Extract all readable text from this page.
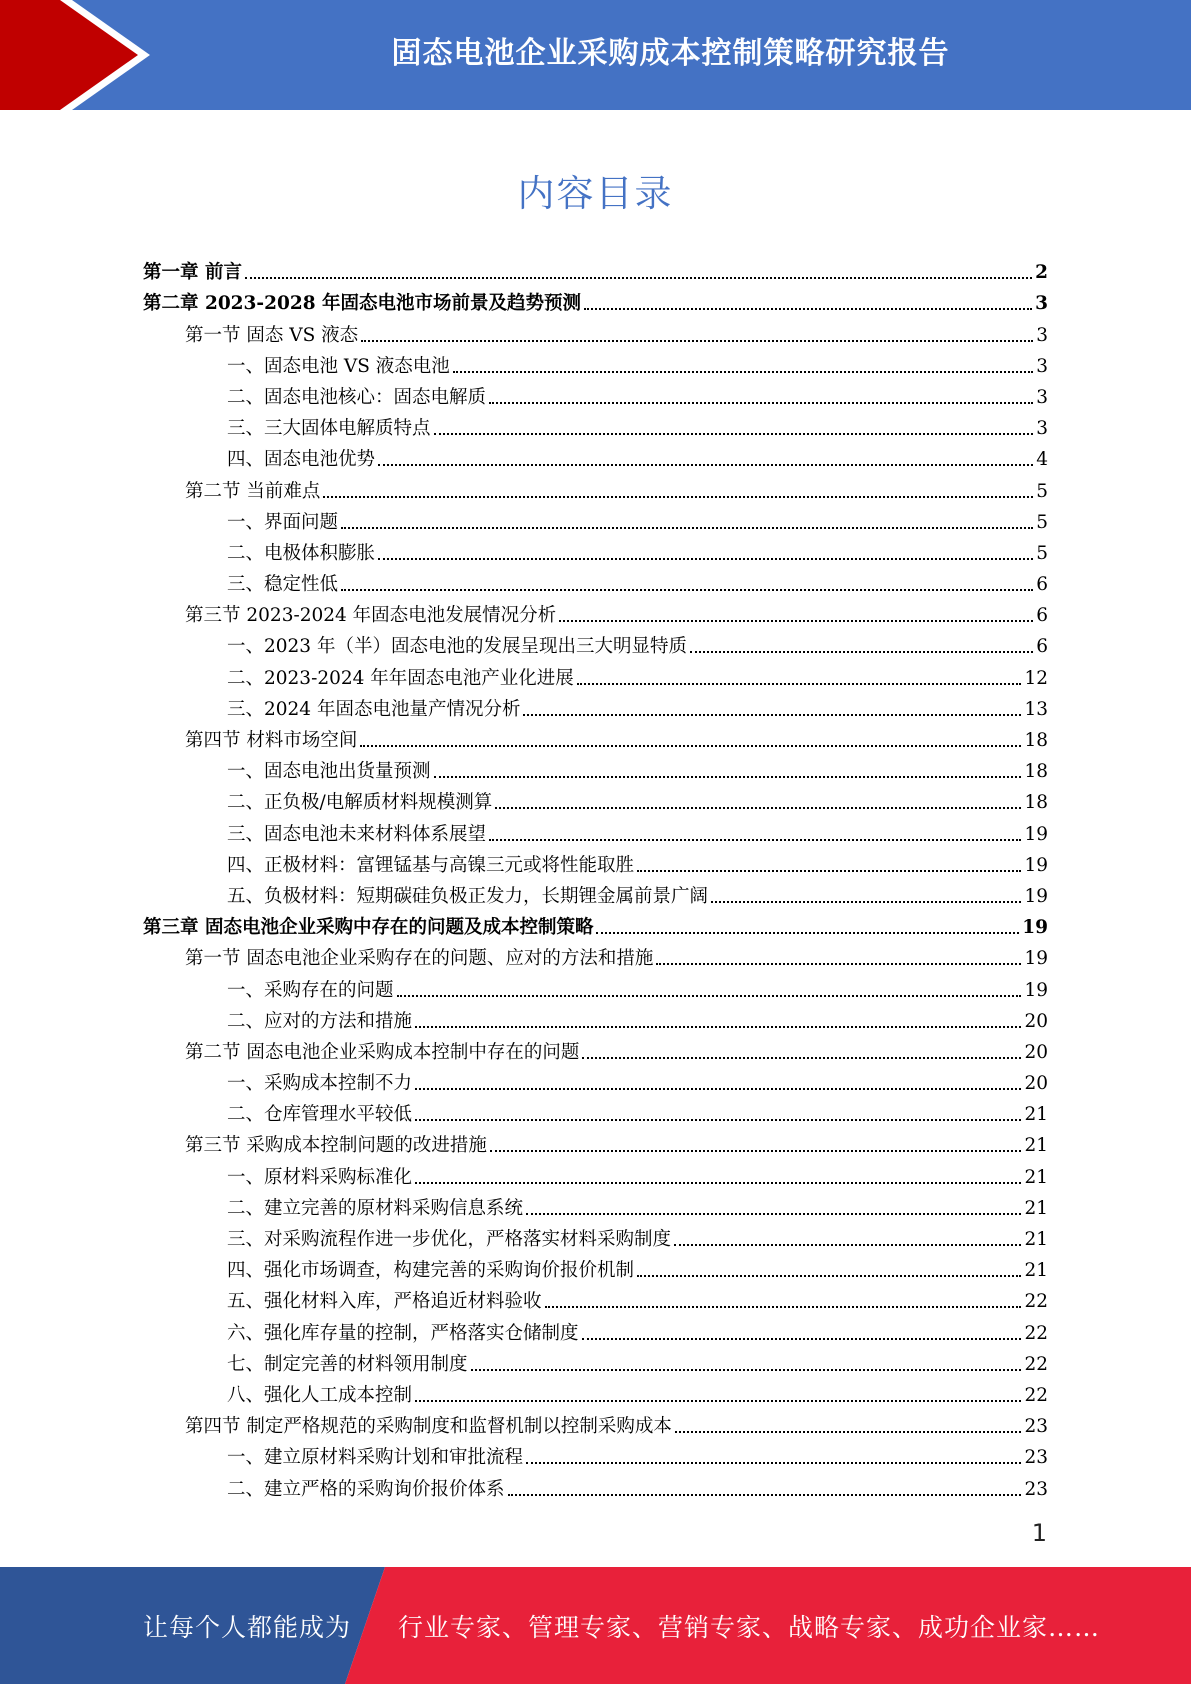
固态电池企业采购成本控制策略研究报告
内容目录
第一章 前言	2
第二章 2023-2028 年固态电池市场前景及趋势预测	3
第一节 固态 VS 液态	3
一、固态电池 VS 液态电池	3
二、固态电池核心：固态电解质	3
三、三大固体电解质特点	3
四、固态电池优势	4
第二节 当前难点	5
一、界面问题	5
二、电极体积膨胀	5
三、稳定性低	6
第三节 2023-2024 年固态电池发展情况分析	6
一、2023 年（半）固态电池的发展呈现出三大明显特质	6
二、2023-2024 年年固态电池产业化进展	12
三、2024 年固态电池量产情况分析	13
第四节 材料市场空间	18
一、固态电池出货量预测	18
二、正负极/电解质材料规模测算	18
三、固态电池未来材料体系展望	19
四、正极材料：富锂锰基与高镍三元或将性能取胜	19
五、负极材料：短期碳硅负极正发力，长期锂金属前景广阔	19
第三章 固态电池企业采购中存在的问题及成本控制策略	19
第一节 固态电池企业采购存在的问题、应对的方法和措施	19
一、采购存在的问题	19
二、应对的方法和措施	20
第二节 固态电池企业采购成本控制中存在的问题	20
一、采购成本控制不力	20
二、仓库管理水平较低	21
第三节 采购成本控制问题的改进措施	21
一、原材料采购标准化	21
二、建立完善的原材料采购信息系统	21
三、对采购流程作进一步优化，严格落实材料采购制度	21
四、强化市场调查，构建完善的采购询价报价机制	21
五、强化材料入库，严格追近材料验收	22
六、强化库存量的控制，严格落实仓储制度	22
七、制定完善的材料领用制度	22
八、强化人工成本控制	22
第四节 制定严格规范的采购制度和监督机制以控制采购成本	23
一、建立原材料采购计划和审批流程	23
二、建立严格的采购询价报价体系	23
1
让每个人都能成为 行业专家、管理专家、营销专家、战略专家、成功企业家……
